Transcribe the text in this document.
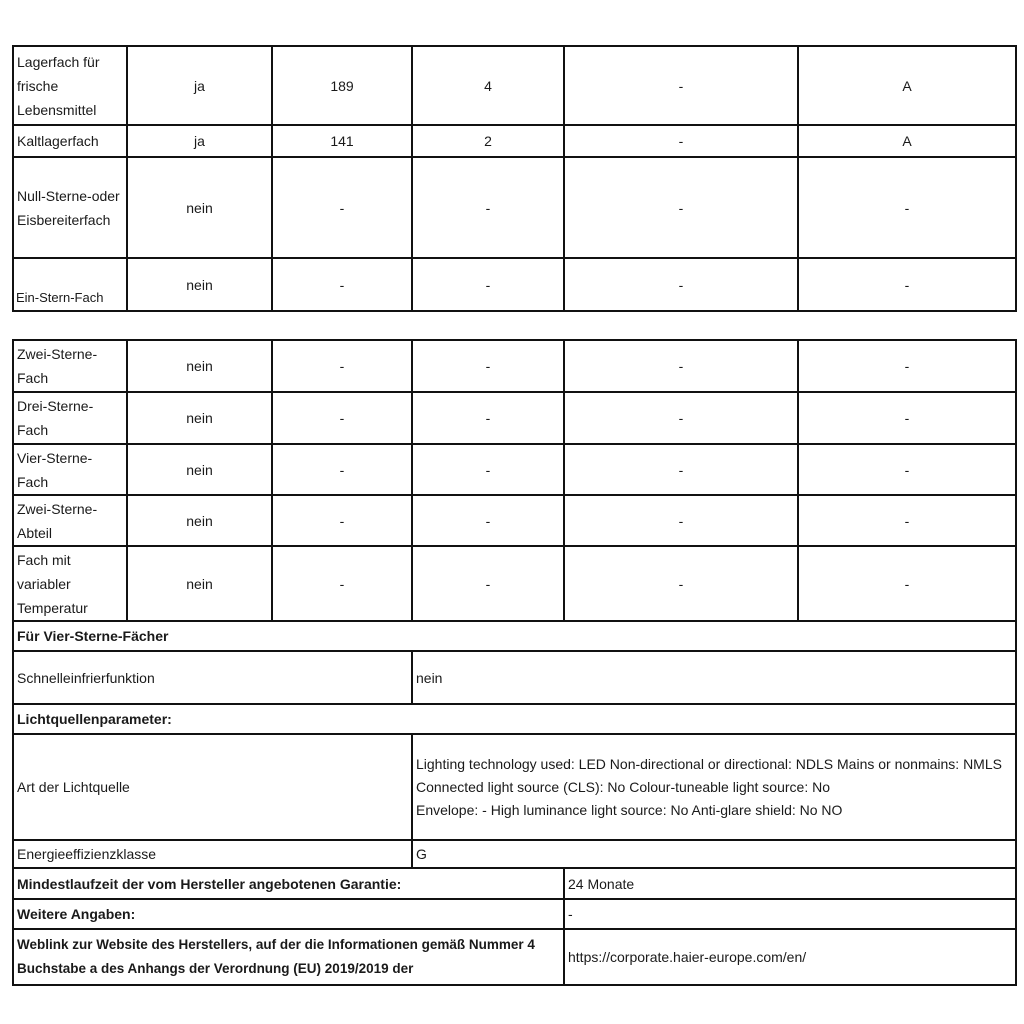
Lagerfach für frische Lebensmittel	ja	189	4	-	A
Kaltlagerfach	ja	141	2	-	A
Null-Sterne-oder Eisbereiterfach	nein	-	-	-	-
Ein-Stern-Fach	nein	-	-	-	-
Zwei-Sterne-Fach	nein	-	-	-	-
Drei-Sterne-Fach	nein	-	-	-	-
Vier-Sterne-Fach	nein	-	-	-	-
Zwei-Sterne-Abteil	nein	-	-	-	-
Fach mit variabler Temperatur	nein	-	-	-	-
Für Vier-Sterne-Fächer					
Schnelleinfrierfunktion			nein		
Lichtquellenparameter:					
Art der Lichtquelle			Lighting technology used: LED Non-directional or directional: NDLS Mains or nonmains: NMLS Connected light source (CLS): No Colour-tuneable light source: No
Envelope: - High luminance light source: No Anti-glare shield: No NO		

Energieeffizienzklasse			G		
Mindestlaufzeit der vom Hersteller angebotenen Garantie:				24 Monate	
Weitere Angaben:				-	
Weblink zur Website des Herstellers, auf der die Informationen gemäß Nummer 4 Buchstabe a des Anhangs der Verordnung (EU) 2019/2019 der				https://corporate.haier-europe.com/en/	
